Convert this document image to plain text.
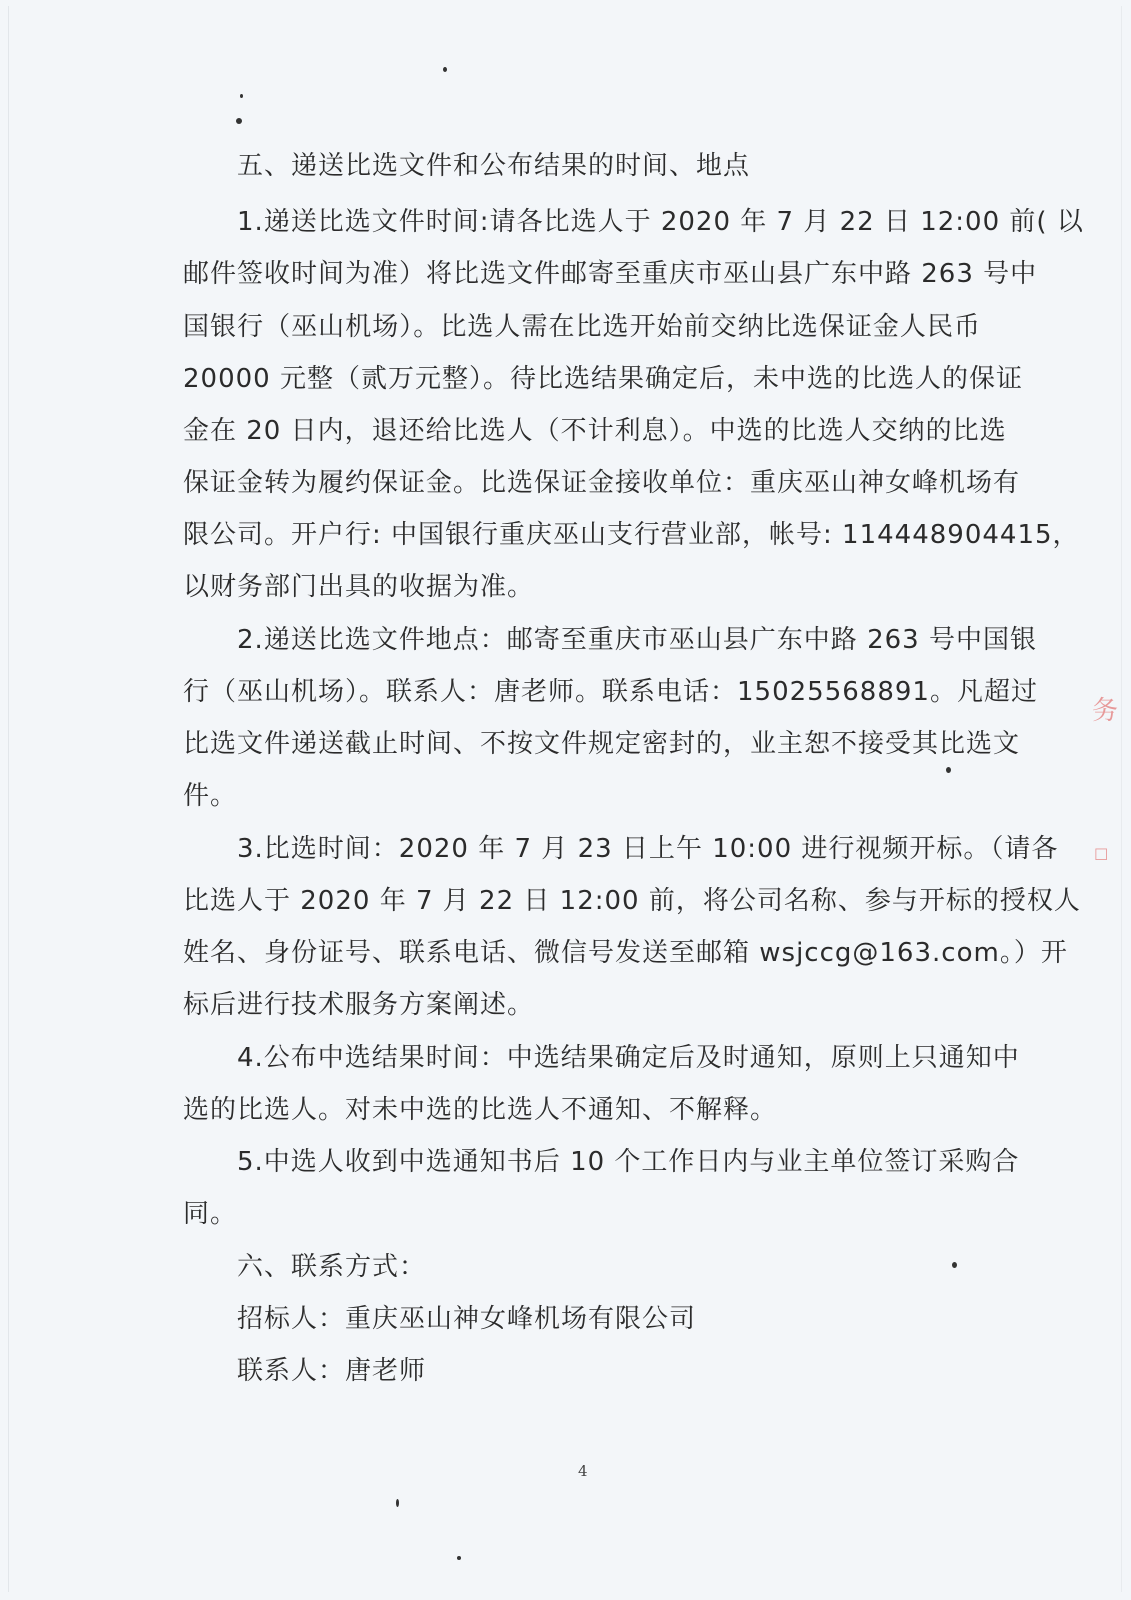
务
☐
五、递送比选文件和公布结果的时间、地点
1.递送比选文件时间:请各比选人于 2020 年 7 月 22 日 12:00 前( 以
邮件签收时间为准）将比选文件邮寄至重庆市巫山县广东中路 263 号中
国银行（巫山机场）。比选人需在比选开始前交纳比选保证金人民币
20000 元整（贰万元整）。待比选结果确定后，未中选的比选人的保证
金在 20 日内，退还给比选人（不计利息）。中选的比选人交纳的比选
保证金转为履约保证金。比选保证金接收单位：重庆巫山神女峰机场有
限公司。开户行: 中国银行重庆巫山支行营业部，帐号: 114448904415，
以财务部门出具的收据为准。
2.递送比选文件地点：邮寄至重庆市巫山县广东中路 263 号中国银
行（巫山机场）。联系人：唐老师。联系电话：15025568891。凡超过
比选文件递送截止时间、不按文件规定密封的，业主恕不接受其比选文
件。
3.比选时间：2020 年 7 月 23 日上午 10:00 进行视频开标。（请各
比选人于 2020 年 7 月 22 日 12:00 前，将公司名称、参与开标的授权人
姓名、身份证号、联系电话、微信号发送至邮箱 wsjccg@163.com。）开
标后进行技术服务方案阐述。
4.公布中选结果时间：中选结果确定后及时通知，原则上只通知中
选的比选人。对未中选的比选人不通知、不解释。
5.中选人收到中选通知书后 10 个工作日内与业主单位签订采购合
同。
六、联系方式：
招标人：重庆巫山神女峰机场有限公司
联系人：唐老师
4
